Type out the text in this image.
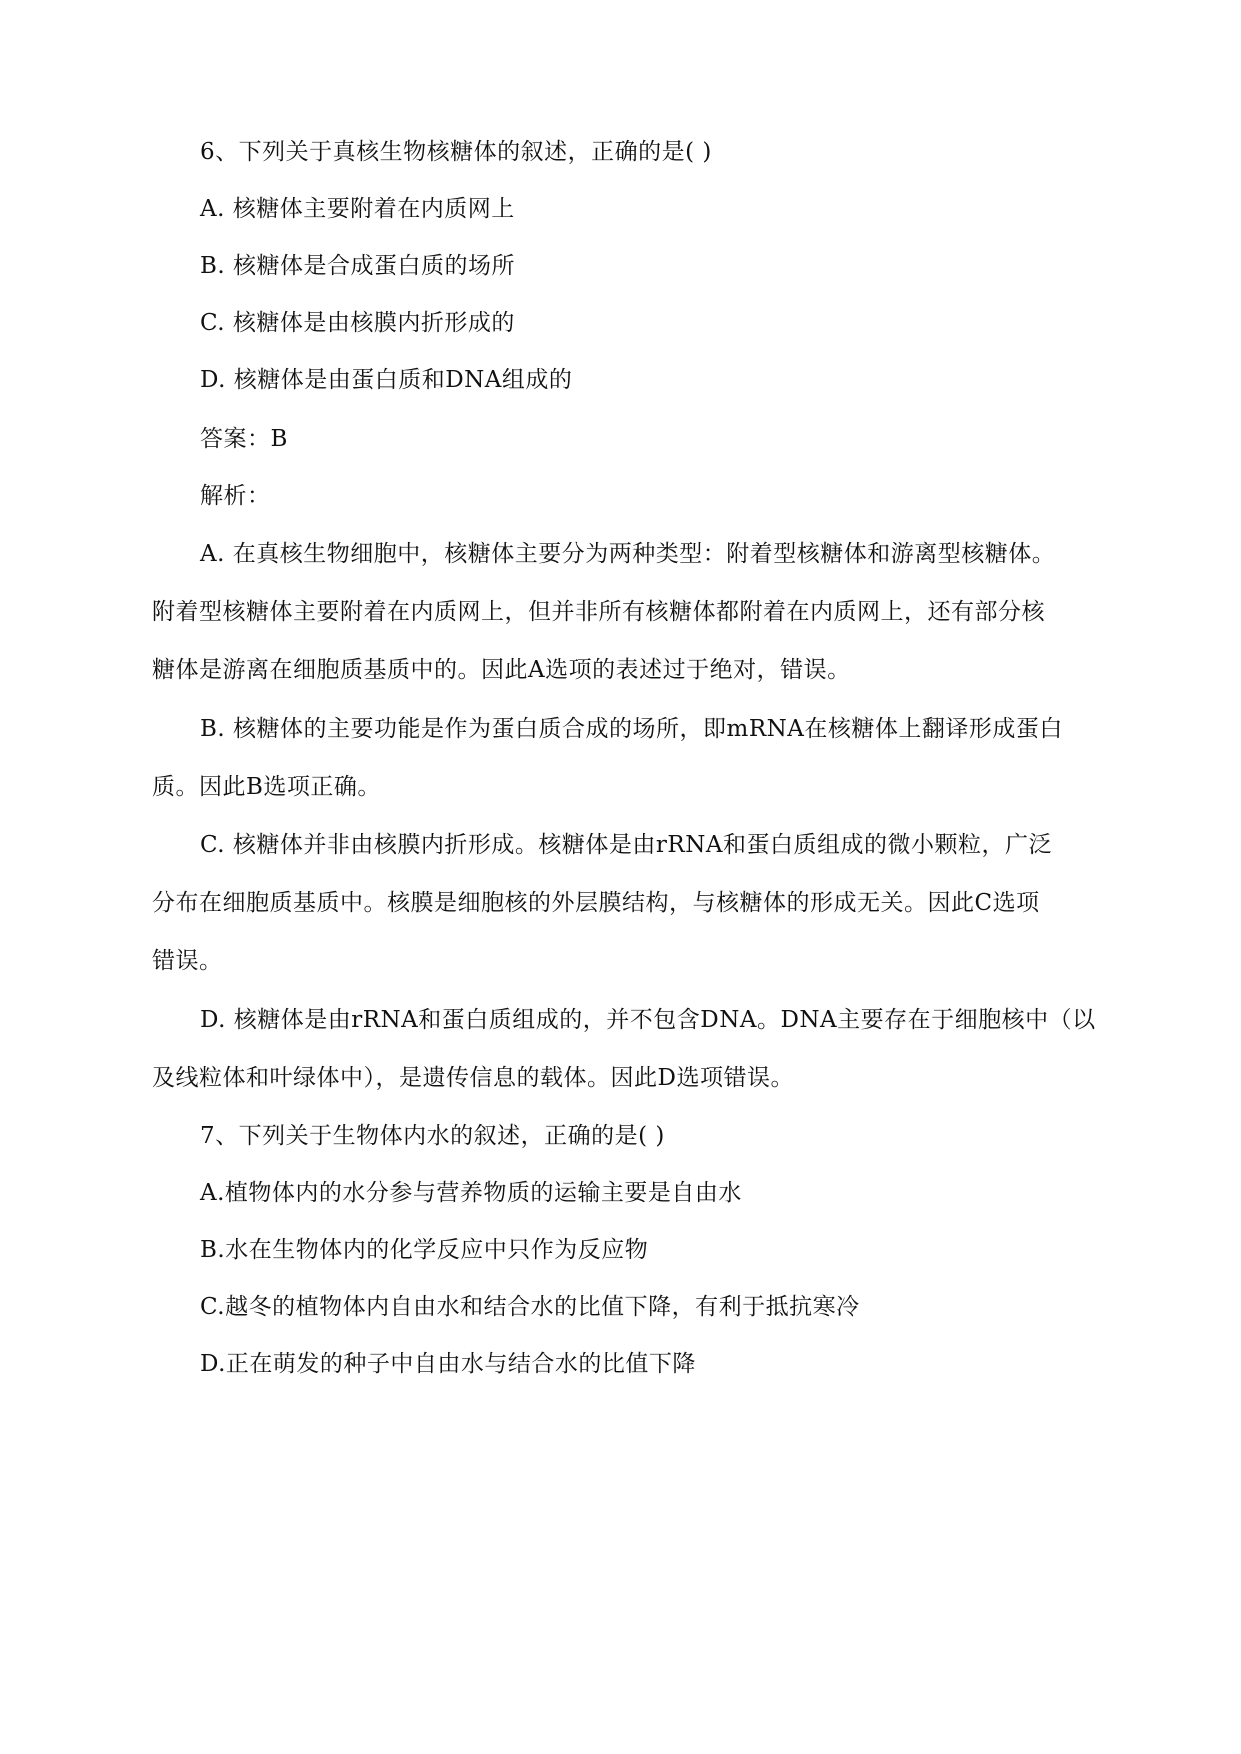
6、下列关于真核生物核糖体的叙述，正确的是( )
A. 核糖体主要附着在内质网上
B. 核糖体是合成蛋白质的场所
C. 核糖体是由核膜内折形成的
D. 核糖体是由蛋白质和DNA组成的
答案：B
解析：
A. 在真核生物细胞中，核糖体主要分为两种类型：附着型核糖体和游离型核糖体。
附着型核糖体主要附着在内质网上，但并非所有核糖体都附着在内质网上，还有部分核
糖体是游离在细胞质基质中的。因此A选项的表述过于绝对，错误。
B. 核糖体的主要功能是作为蛋白质合成的场所，即mRNA在核糖体上翻译形成蛋白
质。因此B选项正确。
C. 核糖体并非由核膜内折形成。核糖体是由rRNA和蛋白质组成的微小颗粒，广泛
分布在细胞质基质中。核膜是细胞核的外层膜结构，与核糖体的形成无关。因此C选项
错误。
D. 核糖体是由rRNA和蛋白质组成的，并不包含DNA。DNA主要存在于细胞核中（以
及线粒体和叶绿体中），是遗传信息的载体。因此D选项错误。
7、下列关于生物体内水的叙述，正确的是( )
A.植物体内的水分参与营养物质的运输主要是自由水
B.水在生物体内的化学反应中只作为反应物
C.越冬的植物体内自由水和结合水的比值下降，有利于抵抗寒冷
D.正在萌发的种子中自由水与结合水的比值下降
